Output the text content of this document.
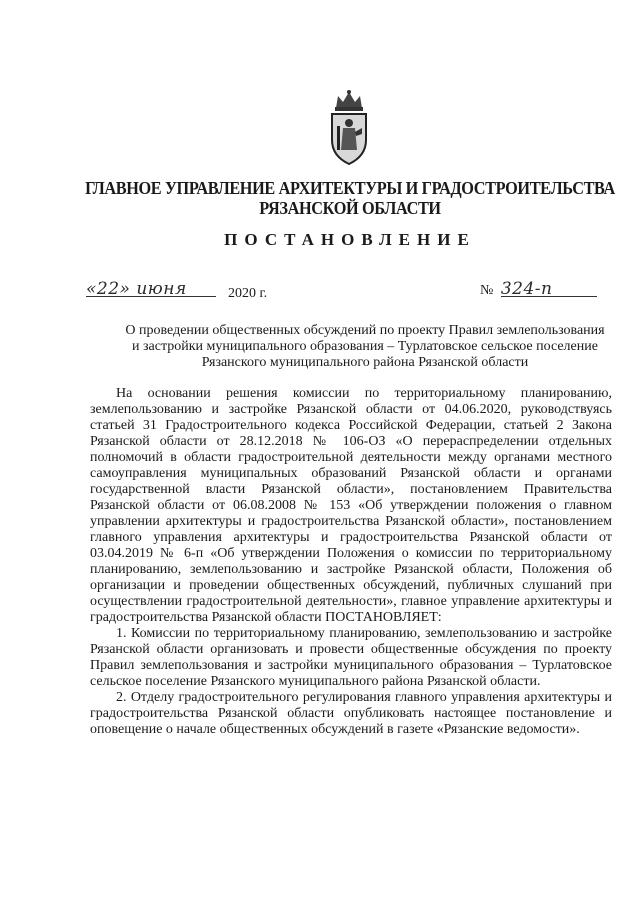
ГЛАВНОЕ УПРАВЛЕНИЕ АРХИТЕКТУРЫ И ГРАДОСТРОИТЕЛЬСТВА
РЯЗАНСКОЙ ОБЛАСТИ
ПОСТАНОВЛЕНИЕ
«22» июня	2020 г.	№ 324-п
О проведении общественных обсуждений по проекту Правил землепользования
и застройки муниципального образования – Турлатовское сельское поселение
Рязанского муниципального района Рязанской области

На основании решения комиссии по территориальному планированию, землепользованию и застройке Рязанской области от 04.06.2020, руководствуясь статьей 31 Градостроительного кодекса Российской Федерации, статьей 2 Закона Рязанской области от 28.12.2018 № 106-ОЗ «О перераспределении отдельных полномочий в области градостроительной деятельности между органами местного самоуправления муниципальных образований Рязанской области и органами государственной власти Рязанской области», постановлением Правительства Рязанской области от 06.08.2008 № 153 «Об утверждении положения о главном управлении архитектуры и градостроительства Рязанской области», постановлением главного управления архитектуры и градостроительства Рязанской области от 03.04.2019 № 6-п «Об утверждении Положения о комиссии по территориальному планированию, землепользованию и застройке Рязанской области, Положения об организации и проведении общественных обсуждений, публичных слушаний при осуществлении градостроительной деятельности», главное управление архитектуры и градостроительства Рязанской области ПОСТАНОВЛЯЕТ:

1. Комиссии по территориальному планированию, землепользованию и застройке Рязанской области организовать и провести общественные обсуждения по проекту Правил землепользования и застройки муниципального образования – Турлатовское сельское поселение Рязанского муниципального района Рязанской области.

2. Отделу градостроительного регулирования главного управления архитектуры и градостроительства Рязанской области опубликовать настоящее постановление и оповещение о начале общественных обсуждений в газете «Рязанские ведомости».
